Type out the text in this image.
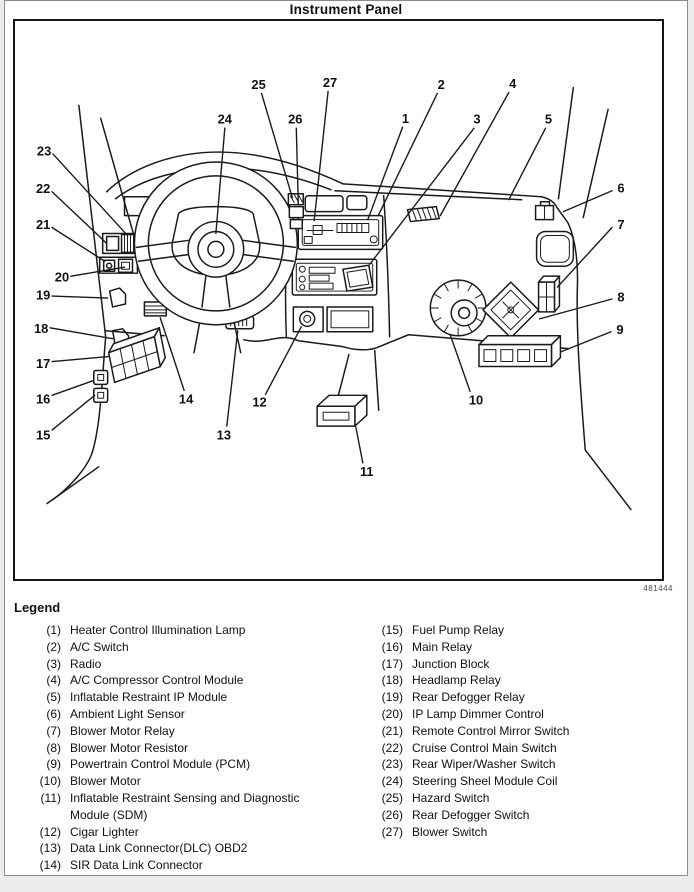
Instrument Panel
1
2
3
4
5
6
7
8
9
10
11
12
13
14
15
16
17
18
19
20
21
22
23
24
25
26
27
481444
Legend
(1) Heater Control Illumination Lamp
(2) A/C Switch
(3) Radio
(4) A/C Compressor Control Module
(5) Inflatable Restraint IP Module
(6) Ambient Light Sensor
(7) Blower Motor Relay
(8) Blower Motor Resistor
(9) Powertrain Control Module (PCM)
(10) Blower Motor
(11) Inflatable Restraint Sensing and Diagnostic Module (SDM)
(12) Cigar Lighter
(13) Data Link Connector(DLC) OBD2
(14) SIR Data Link Connector
(15) Fuel Pump Relay
(16) Main Relay
(17) Junction Block
(18) Headlamp Relay
(19) Rear Defogger Relay
(20) IP Lamp Dimmer Control
(21) Remote Control Mirror Switch
(22) Cruise Control Main Switch
(23) Rear Wiper/Washer Switch
(24) Steering Sheel Module Coil
(25) Hazard Switch
(26) Rear Defogger Switch
(27) Blower Switch
